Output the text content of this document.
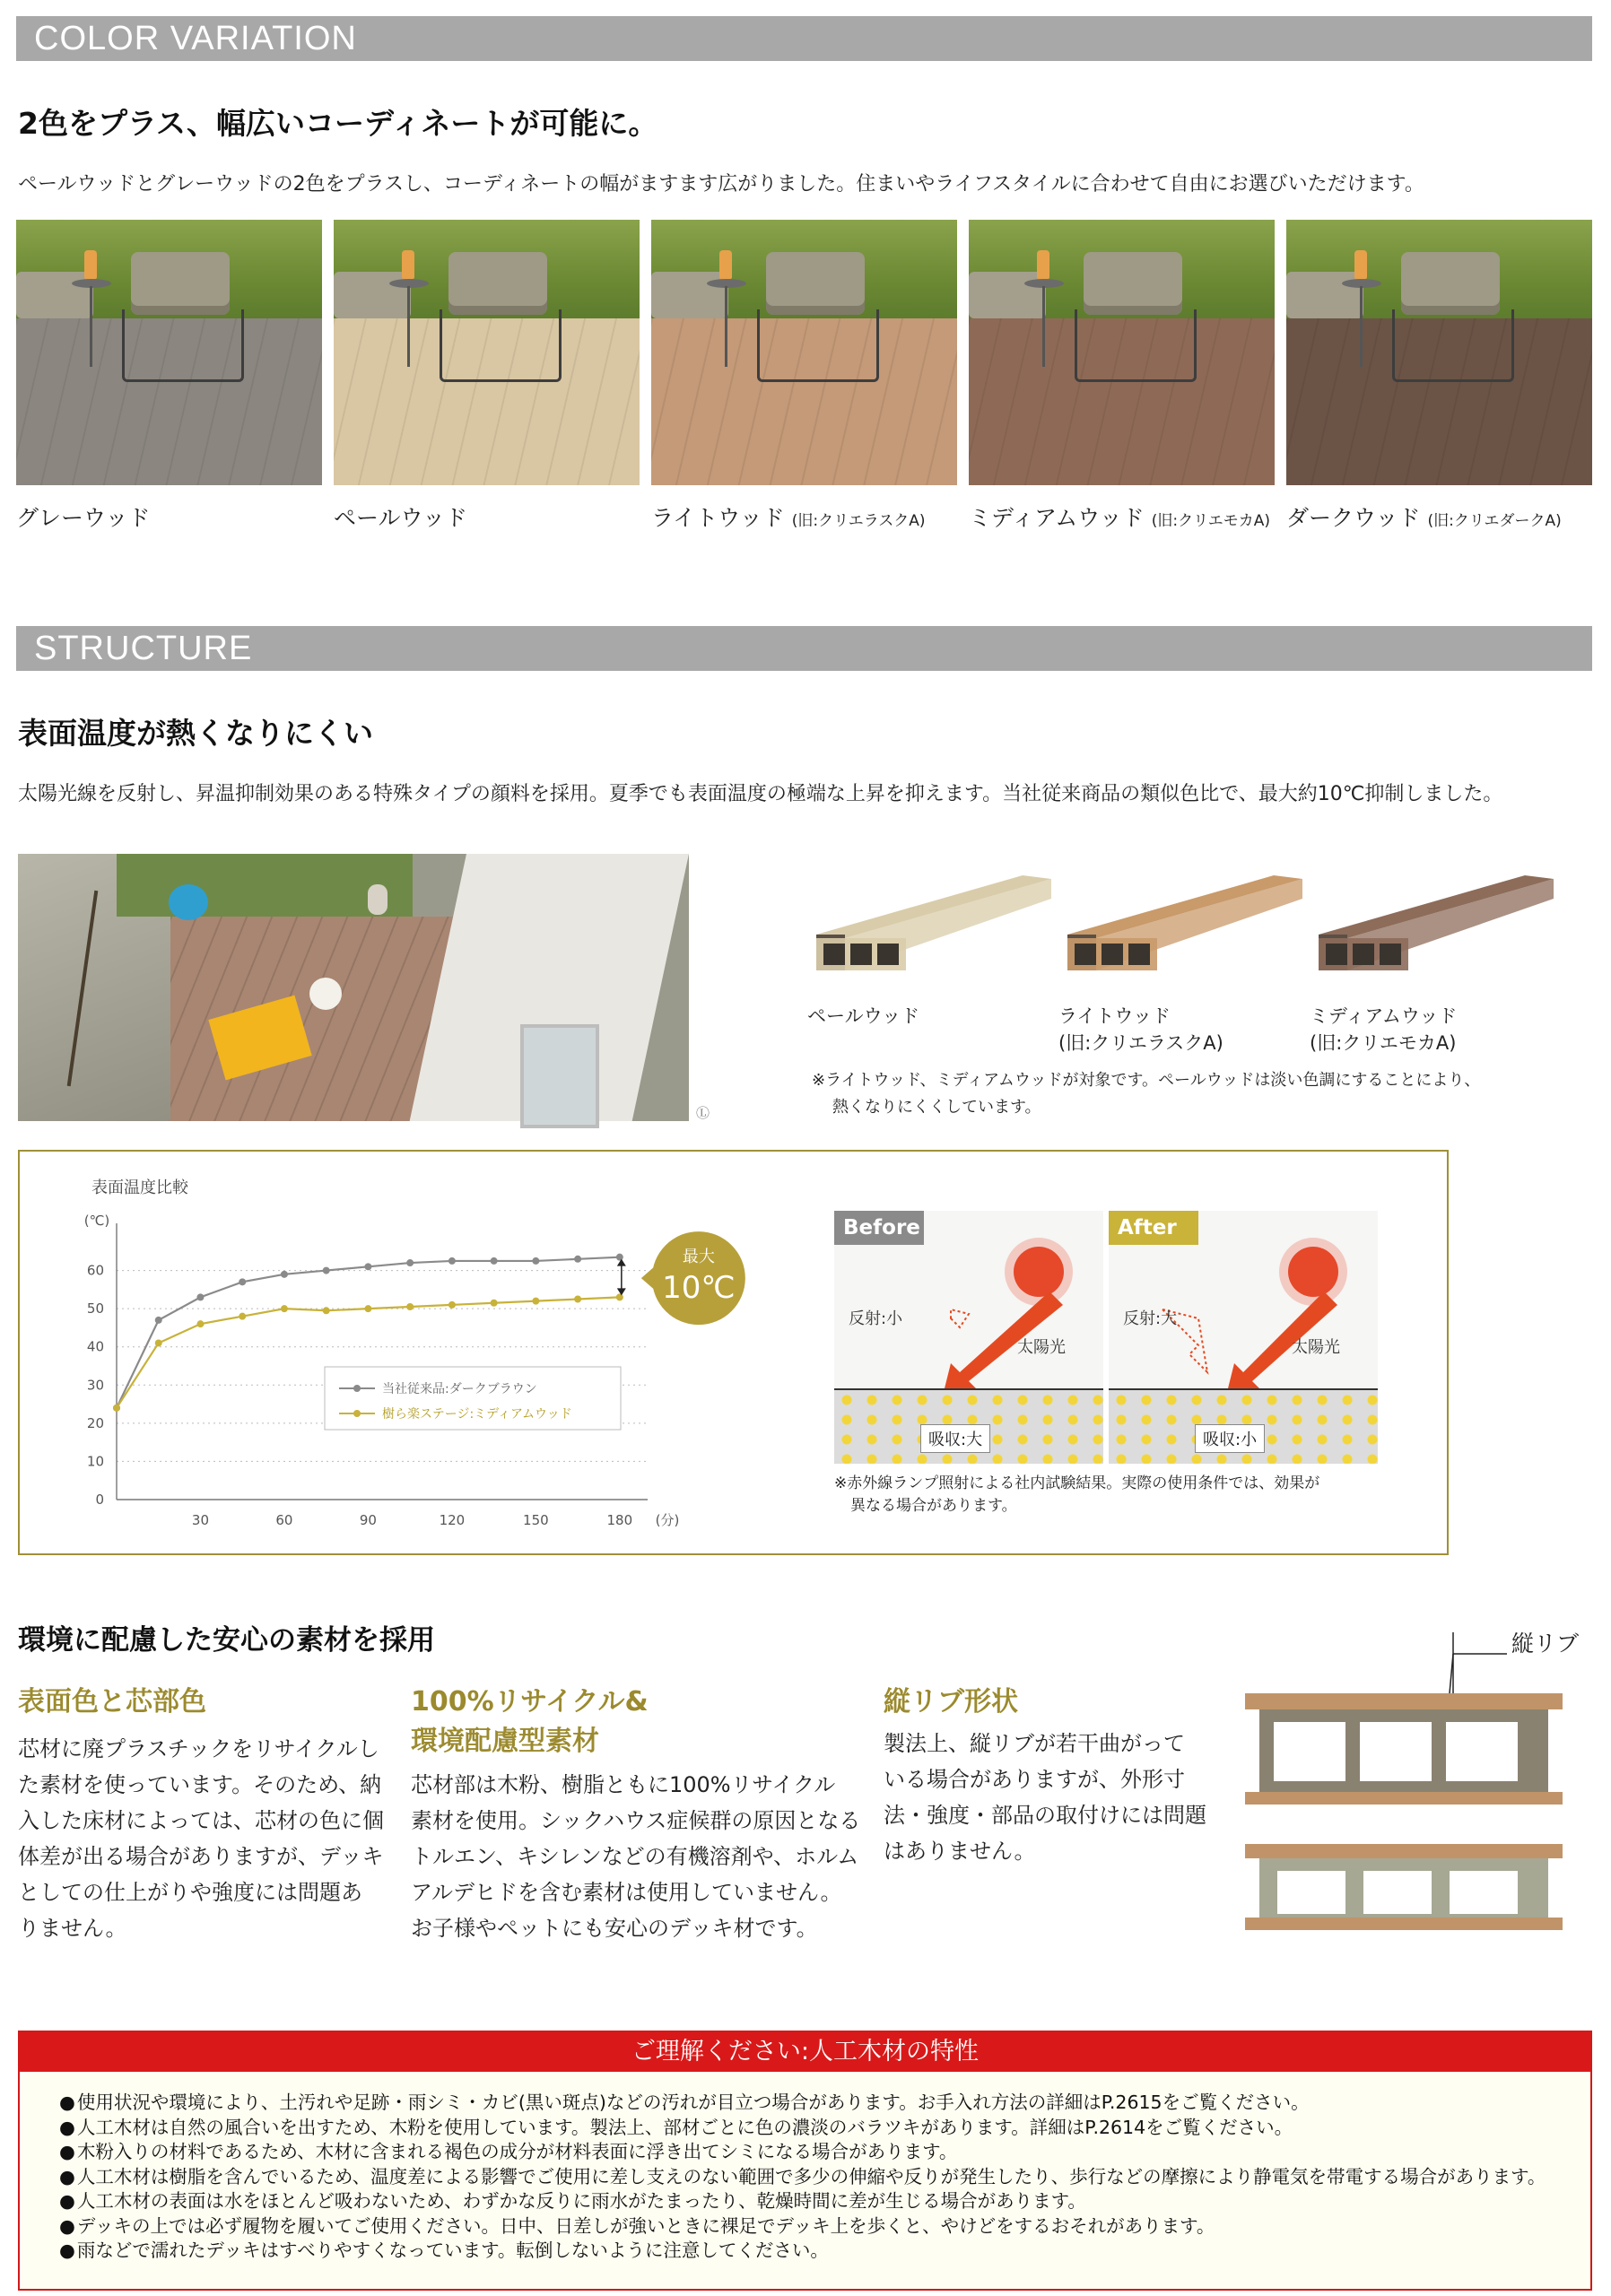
COLOR VARIATION
2色をプラス、幅広いコーディネートが可能に。
ペールウッドとグレーウッドの2色をプラスし、コーディネートの幅がますます広がりました。住まいやライフスタイルに合わせて自由にお選びいただけます。
STRUCTURE
表面温度が熱くなりにくい
太陽光線を反射し、昇温抑制効果のある特殊タイプの顔料を採用。夏季でも表面温度の極端な上昇を抑えます。当社従来商品の類似色比で、最大約10℃抑制しました。
Ⓛ
※ライトウッド、ミディアムウッドが対象です。ペールウッドは淡い色調にすることにより、
熱くなりにくくしています。
表面温度比較
(℃)
0
10
20
30
40
50
60
30	60	90	120	150	180 (分)
当社従来品:ダークブラウン
樹ら楽ステージ:ミディアムウッド
最大
10℃
Before
反射:小
太陽光
吸収:大
After
反射:大
太陽光
吸収:小
※赤外線ランプ照射による社内試験結果。実際の使用条件では、効果が
異なる場合があります。
環境に配慮した安心の素材を採用
表面色と芯部色
芯材に廃プラスチックをリサイクルし
た素材を使っています。そのため、納
入した床材によっては、芯材の色に個
体差が出る場合がありますが、デッキ
としての仕上がりや強度には問題あ
りません。
100%リサイクル&
環境配慮型素材
芯材部は木粉、樹脂ともに100%リサイクル
素材を使用。シックハウス症候群の原因となる
トルエン、キシレンなどの有機溶剤や、ホルム
アルデヒドを含む素材は使用していません。
お子様やペットにも安心のデッキ材です。
縦リブ形状
製法上、縦リブが若干曲がって
いる場合がありますが、外形寸
法・強度・部品の取付けには問題
はありません。
縦リブ
ご理解ください:人工木材の特性
● 使用状況や環境により、土汚れや足跡・雨シミ・カビ(黒い斑点)などの汚れが目立つ場合があります。お手入れ方法の詳細はP.2615をご覧ください。
● 人工木材は自然の風合いを出すため、木粉を使用しています。製法上、部材ごとに色の濃淡のバラツキがあります。詳細はP.2614をご覧ください。
● 木粉入りの材料であるため、木材に含まれる褐色の成分が材料表面に浮き出てシミになる場合があります。
● 人工木材は樹脂を含んでいるため、温度差による影響でご使用に差し支えのない範囲で多少の伸縮や反りが発生したり、歩行などの摩擦により静電気を帯電する場合があります。
● 人工木材の表面は水をほとんど吸わないため、わずかな反りに雨水がたまったり、乾燥時間に差が生じる場合があります。
● デッキの上では必ず履物を履いてご使用ください。日中、日差しが強いときに裸足でデッキ上を歩くと、やけどをするおそれがあります。
● 雨などで濡れたデッキはすべりやすくなっています。転倒しないように注意してください。
グレーウッド	ペールウッド	ライトウッド (旧:クリエラスクA) ミディアムウッド (旧:クリエモカA) ダークウッド (旧:クリエダークA)
ペールウッド	ライトウッド
(旧:クリエラスクA)
ミディアムウッド
(旧:クリエモカA)
